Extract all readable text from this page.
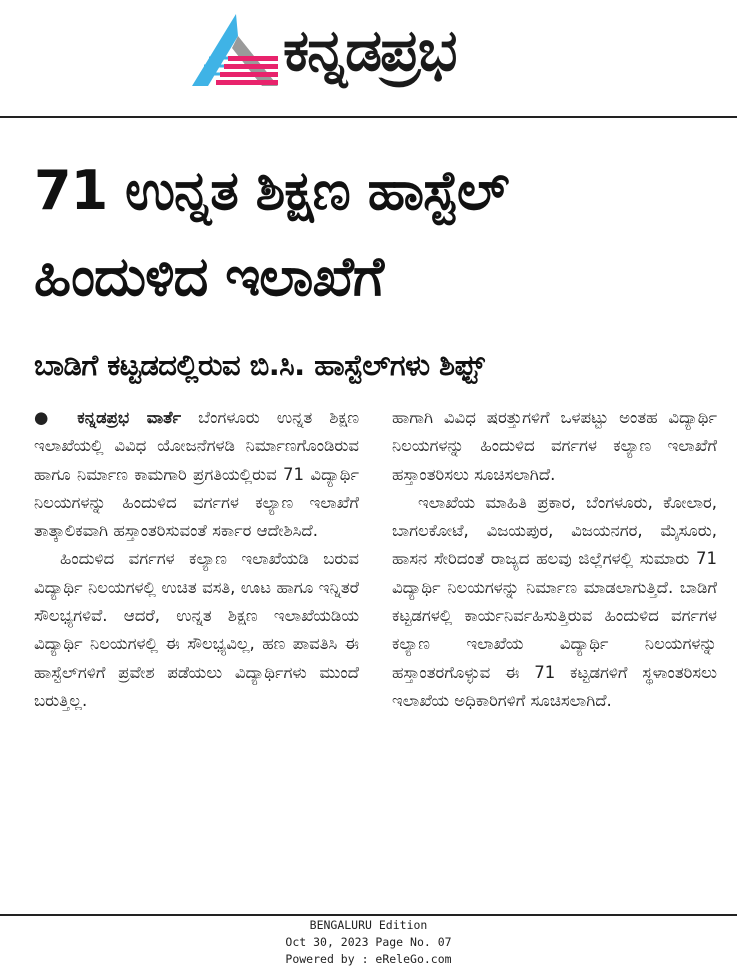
ಕನ್ನಡಪ್ರಭ
71 ಉನ್ನತ ಶಿಕ್ಷಣ ಹಾಸ್ಟೆಲ್
ಹಿಂದುಳಿದ ಇಲಾಖೆಗೆ
ಬಾಡಿಗೆ ಕಟ್ಟಡದಲ್ಲಿರುವ ಬಿ.ಸಿ. ಹಾಸ್ಟೆಲ್‌ಗಳು ಶಿಫ್ಟ್

● ಕನ್ನಡಪ್ರಭ ವಾರ್ತೆ ಬೆಂಗಳೂರು ಉನ್ನತ ಶಿಕ್ಷಣ ಇಲಾಖೆಯಲ್ಲಿ ವಿವಿಧ ಯೋಜನೆಗಳಡಿ ನಿರ್ಮಾಣಗೊಂಡಿರುವ ಹಾಗೂ ನಿರ್ಮಾಣ ಕಾಮಗಾರಿ ಪ್ರಗತಿಯಲ್ಲಿರುವ 71 ವಿದ್ಯಾರ್ಥಿ ನಿಲಯಗಳನ್ನು ಹಿಂದುಳಿದ ವರ್ಗಗಳ ಕಲ್ಯಾಣ ಇಲಾಖೆಗೆ ತಾತ್ಕಾಲಿಕವಾಗಿ ಹಸ್ತಾಂತರಿಸುವಂತೆ ಸರ್ಕಾರ ಆದೇಶಿಸಿದೆ.

ಹಿಂದುಳಿದ ವರ್ಗಗಳ ಕಲ್ಯಾಣ ಇಲಾಖೆಯಡಿ ಬರುವ ವಿದ್ಯಾರ್ಥಿ ನಿಲಯಗಳಲ್ಲಿ ಉಚಿತ ವಸತಿ, ಊಟ ಹಾಗೂ ಇನ್ನಿತರೆ ಸೌಲಭ್ಯಗಳಿವೆ. ಆದರೆ, ಉನ್ನತ ಶಿಕ್ಷಣ ಇಲಾಖೆಯಡಿಯ ವಿದ್ಯಾರ್ಥಿ ನಿಲಯಗಳಲ್ಲಿ ಈ ಸೌಲಭ್ಯವಿಲ್ಲ, ಹಣ ಪಾವತಿಸಿ ಈ ಹಾಸ್ಟೆಲ್‌ಗಳಿಗೆ ಪ್ರವೇಶ ಪಡೆಯಲು ವಿದ್ಯಾರ್ಥಿಗಳು ಮುಂದೆ ಬರುತ್ತಿಲ್ಲ.

ಹಾಗಾಗಿ ವಿವಿಧ ಷರತ್ತುಗಳಿಗೆ ಒಳಪಟ್ಟು ಅಂತಹ ವಿದ್ಯಾರ್ಥಿ ನಿಲಯಗಳನ್ನು ಹಿಂದುಳಿದ ವರ್ಗಗಳ ಕಲ್ಯಾಣ ಇಲಾಖೆಗೆ ಹಸ್ತಾಂತರಿಸಲು ಸೂಚಿಸಲಾಗಿದೆ.

ಇಲಾಖೆಯ ಮಾಹಿತಿ ಪ್ರಕಾರ, ಬೆಂಗಳೂರು, ಕೋಲಾರ, ಬಾಗಲಕೋಟೆ, ವಿಜಯಪುರ, ವಿಜಯನಗರ, ಮೈಸೂರು, ಹಾಸನ ಸೇರಿದಂತೆ ರಾಜ್ಯದ ಹಲವು ಜಿಲ್ಲೆಗಳಲ್ಲಿ ಸುಮಾರು 71 ವಿದ್ಯಾರ್ಥಿ ನಿಲಯಗಳನ್ನು ನಿರ್ಮಾಣ ಮಾಡಲಾಗುತ್ತಿದೆ. ಬಾಡಿಗೆ ಕಟ್ಟಡಗಳಲ್ಲಿ ಕಾರ್ಯನಿರ್ವಹಿಸುತ್ತಿರುವ ಹಿಂದುಳಿದ ವರ್ಗಗಳ ಕಲ್ಯಾಣ ಇಲಾಖೆಯ ವಿದ್ಯಾರ್ಥಿ ನಿಲಯಗಳನ್ನು ಹಸ್ತಾಂತರಗೊಳ್ಳುವ ಈ 71 ಕಟ್ಟಡಗಳಿಗೆ ಸ್ಥಳಾಂತರಿಸಲು ಇಲಾಖೆಯ ಅಧಿಕಾರಿಗಳಿಗೆ ಸೂಚಿಸಲಾಗಿದೆ.

BENGALURU Edition
Oct 30, 2023 Page No. 07
Powered by : eReleGo.com
